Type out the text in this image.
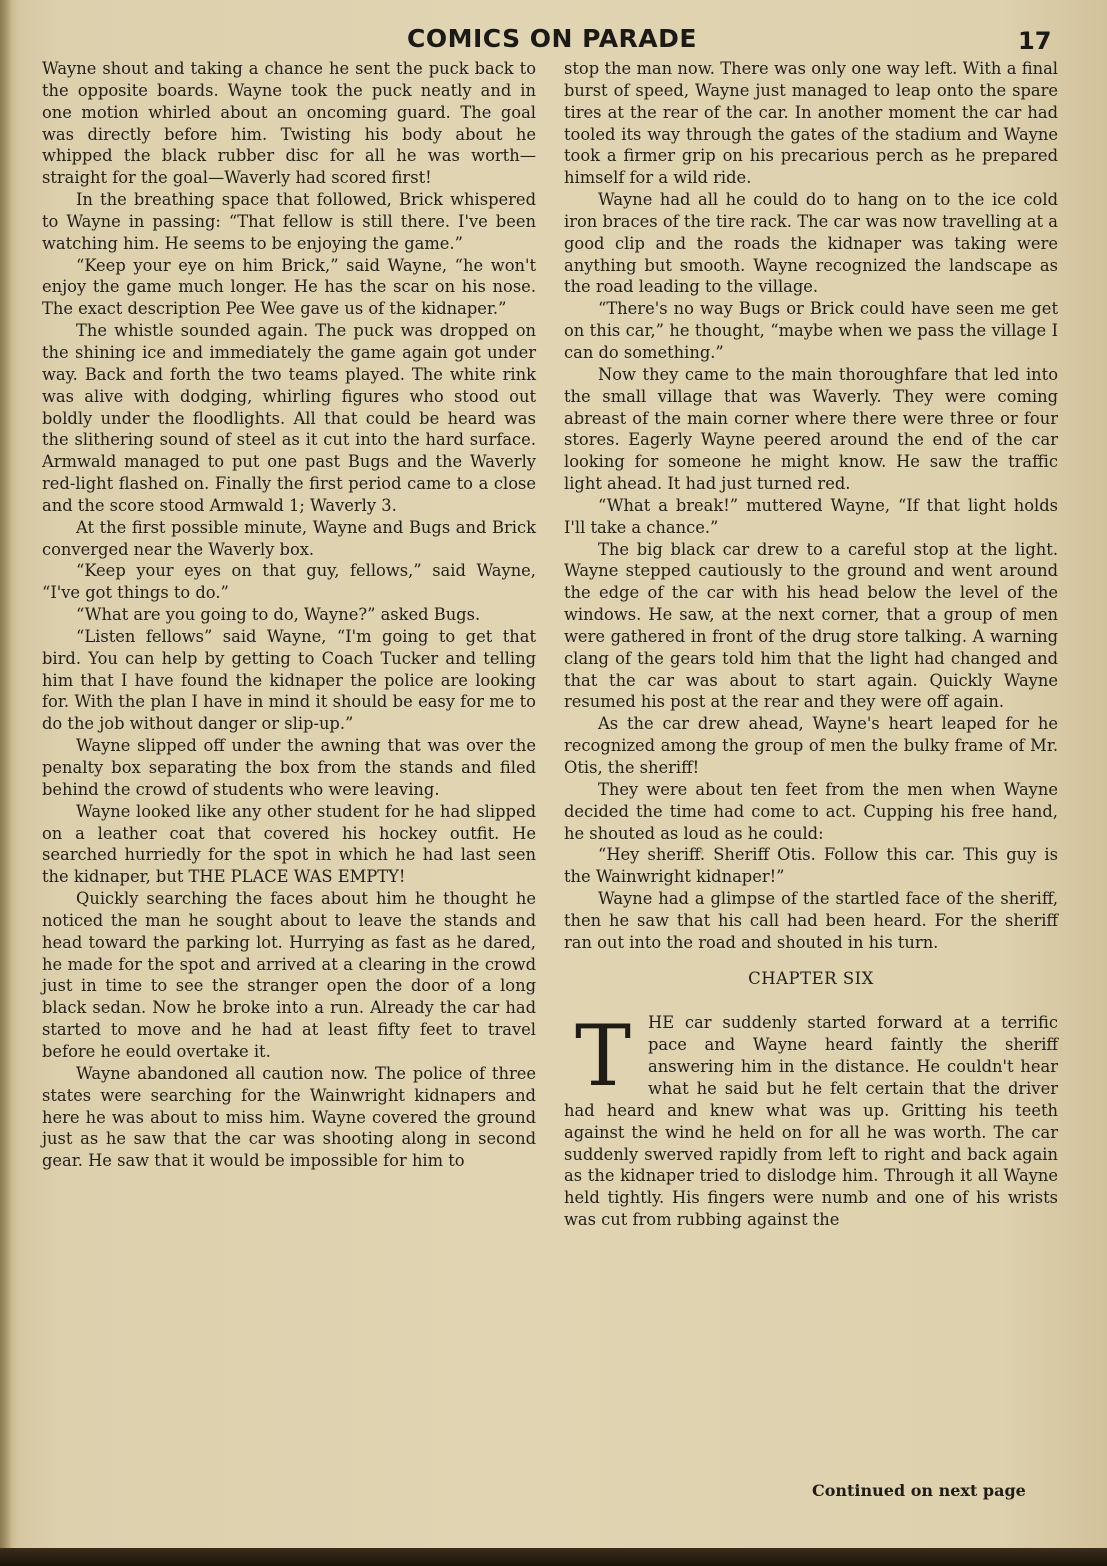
COMICS ON PARADE	17

Wayne shout and taking a chance he sent the puck back to the opposite boards. Wayne took the puck neatly and in one motion whirled about an oncoming guard. The goal was directly before him. Twisting his body about he whipped the black rubber disc for all he was worth—straight for the goal—Waverly had scored first!

In the breathing space that followed, Brick whispered to Wayne in passing: “That fellow is still there. I've been watching him. He seems to be enjoying the game.”

“Keep your eye on him Brick,” said Wayne, “he won't enjoy the game much longer. He has the scar on his nose. The exact description Pee Wee gave us of the kidnaper.”

The whistle sounded again. The puck was dropped on the shining ice and immediately the game again got under way. Back and forth the two teams played. The white rink was alive with dodging, whirling figures who stood out boldly under the floodlights. All that could be heard was the slithering sound of steel as it cut into the hard surface. Armwald managed to put one past Bugs and the Waverly red-light flashed on. Finally the first period came to a close and the score stood Armwald 1; Waverly 3.

At the first possible minute, Wayne and Bugs and Brick converged near the Waverly box.

“Keep your eyes on that guy, fellows,” said Wayne, “I've got things to do.”

“What are you going to do, Wayne?” asked Bugs.

“Listen fellows” said Wayne, “I'm going to get that bird. You can help by getting to Coach Tucker and telling him that I have found the kidnaper the police are looking for. With the plan I have in mind it should be easy for me to do the job without danger or slip-up.”

Wayne slipped off under the awning that was over the penalty box separating the box from the stands and filed behind the crowd of students who were leaving.

Wayne looked like any other student for he had slipped on a leather coat that covered his hockey outfit. He searched hurriedly for the spot in which he had last seen the kidnaper, but THE PLACE WAS EMPTY!

Quickly searching the faces about him he thought he noticed the man he sought about to leave the stands and head toward the parking lot. Hurrying as fast as he dared, he made for the spot and arrived at a clearing in the crowd just in time to see the stranger open the door of a long black sedan. Now he broke into a run. Already the car had started to move and he had at least fifty feet to travel before he eould overtake it.

Wayne abandoned all caution now. The police of three states were searching for the Wainwright kidnapers and here he was about to miss him. Wayne covered the ground just as he saw that the car was shooting along in second gear. He saw that it would be impossible for him to

stop the man now. There was only one way left. With a final burst of speed, Wayne just managed to leap onto the spare tires at the rear of the car. In another moment the car had tooled its way through the gates of the stadium and Wayne took a firmer grip on his precarious perch as he prepared himself for a wild ride.

Wayne had all he could do to hang on to the ice cold iron braces of the tire rack. The car was now travelling at a good clip and the roads the kidnaper was taking were anything but smooth. Wayne recognized the landscape as the road leading to the village.

“There's no way Bugs or Brick could have seen me get on this car,” he thought, “maybe when we pass the village I can do something.”

Now they came to the main thoroughfare that led into the small village that was Waverly. They were coming abreast of the main corner where there were three or four stores. Eagerly Wayne peered around the end of the car looking for someone he might know. He saw the traffic light ahead. It had just turned red.

“What a break!” muttered Wayne, “If that light holds I'll take a chance.”

The big black car drew to a careful stop at the light. Wayne stepped cautiously to the ground and went around the edge of the car with his head below the level of the windows. He saw, at the next corner, that a group of men were gathered in front of the drug store talking. A warning clang of the gears told him that the light had changed and that the car was about to start again. Quickly Wayne resumed his post at the rear and they were off again.

As the car drew ahead, Wayne's heart leaped for he recognized among the group of men the bulky frame of Mr. Otis, the sheriff!

They were about ten feet from the men when Wayne decided the time had come to act. Cupping his free hand, he shouted as loud as he could:

“Hey sheriff. Sheriff Otis. Follow this car. This guy is the Wainwright kidnaper!”

Wayne had a glimpse of the startled face of the sheriff, then he saw that his call had been heard. For the sheriff ran out into the road and shouted in his turn.

CHAPTER SIX
T	HE car suddenly started forward at a terrific pace and Wayne heard faintly the sheriff answering him in the distance. He couldn't hear what he said but he felt certain that the driver had heard and knew what was up. Gritting his teeth against the wind he held on for all he was worth. The car suddenly swerved rapidly from left to right and back again as the kidnaper tried to dislodge him. Through it all Wayne held tightly. His fingers were numb and one of his wrists was cut from rubbing against the

Continued on next page
